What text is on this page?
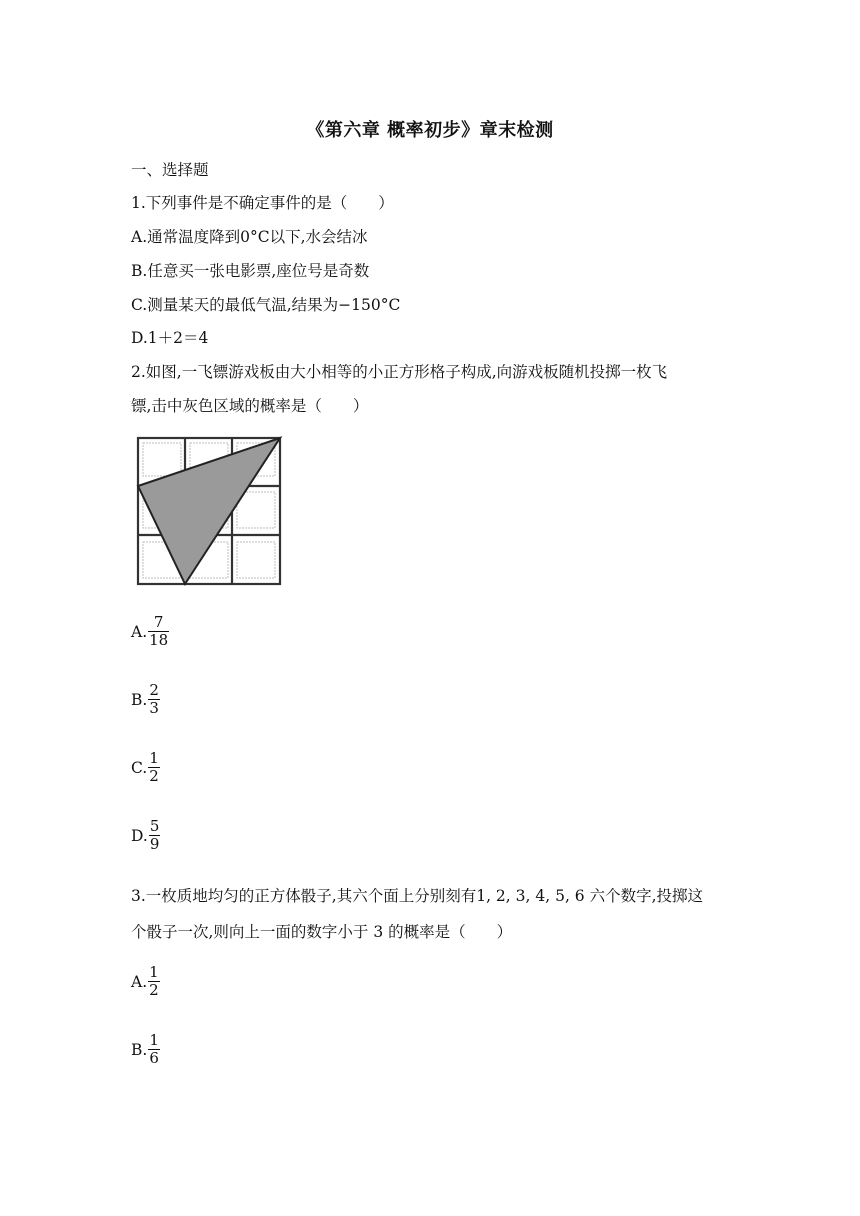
《第六章 概率初步》章末检测
一、选择题
1.下列事件是不确定事件的是（　　）
A.通常温度降到0°C以下,水会结冰
B.任意买一张电影票,座位号是奇数
C.测量某天的最低气温,结果为−150°C
D.1＋2＝4
2.如图,一飞镖游戏板由大小相等的小正方形格子构成,向游戏板随机投掷一枚飞
镖,击中灰色区域的概率是（　　）
A. $\frac{7}{18}$
B. $\frac{2}{3}$
C. $\frac{1}{2}$
D. $\frac{5}{9}$
3.一枚质地均匀的正方体骰子,其六个面上分别刻有1, 2, 3, 4, 5, 6 六个数字,投掷这
个骰子一次,则向上一面的数字小于 3 的概率是（　　）
A. $\frac{1}{2}$
B. $\frac{1}{6}$
